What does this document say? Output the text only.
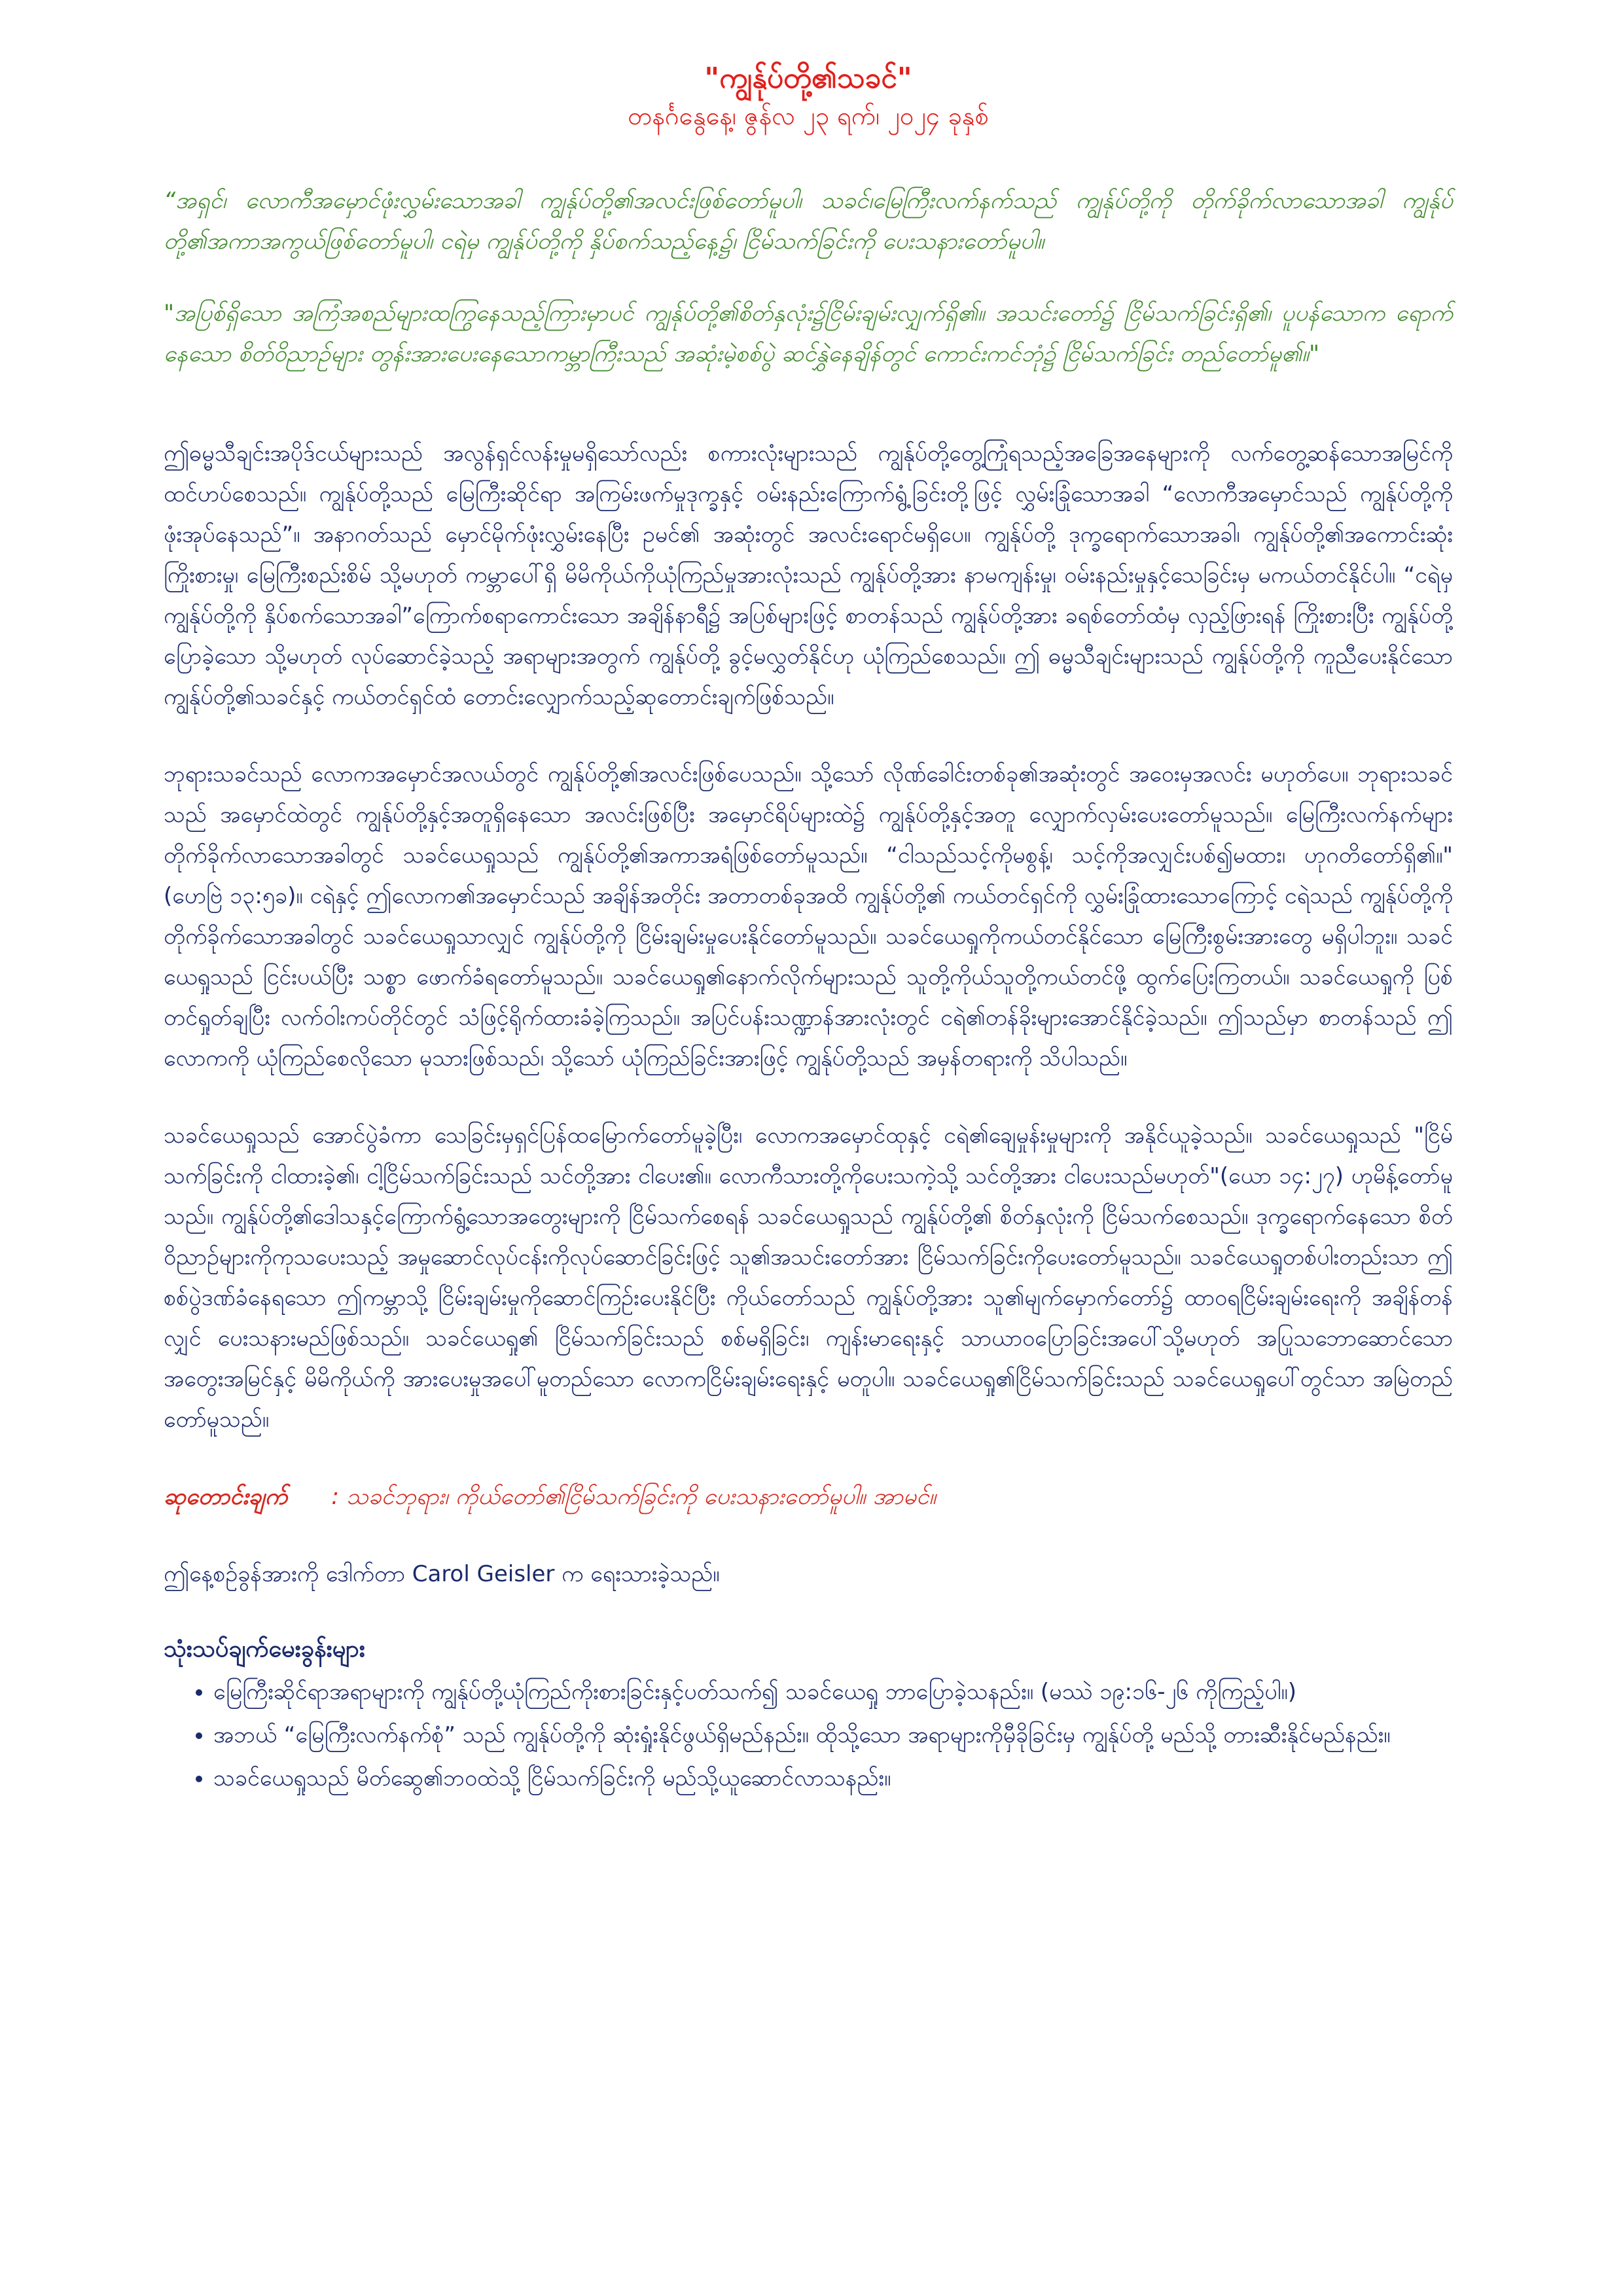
"ကျွန်ုပ်တို့၏သခင်"

တနင်္ဂနွေနေ့၊ ဇွန်လ ၂၃ ရက်၊ ၂၀၂၄ ခုနှစ်

“အရှင်၊ လောကီအမှောင်ဖုံးလွှမ်းသောအခါ ကျွန်ုပ်တို့၏အလင်းဖြစ်တော်မူပါ၊ သခင်၊မြေကြီးလက်နက်သည် ကျွန်ုပ်တို့ကို တိုက်ခိုက်လာသောအခါ ကျွန်ုပ်တို့၏အကာအကွယ်ဖြစ်တော်မူပါ၊ ငရဲမှ ကျွန်ုပ်တို့ကို နှိပ်စက်သည့်နေ့၌၊ ငြိမ်သက်ခြင်းကို ပေးသနားတော်မူပါ။

"အပြစ်ရှိသော အကြံအစည်များထကြွနေသည့်ကြားမှာပင် ကျွန်ုပ်တို့၏စိတ်နှလုံး၌ငြိမ်းချမ်းလျှက်ရှိ၏။ အသင်းတော်၌ ငြိမ်သက်ခြင်းရှိ၏၊ ပူပန်သောက ရောက်နေသော စိတ်ဝိညာဉ်များ တွန်းအားပေးနေသောကမ္ဘာကြီးသည် အဆုံးမဲ့စစ်ပွဲ ဆင်နွှဲနေချိန်တွင် ကောင်းကင်ဘုံ၌ ငြိမ်သက်ခြင်း တည်တော်မူ၏။"

ဤဓမ္မသီချင်းအပိုဒ်ငယ်များသည် အလွန်ရှင်လန်းမှုမရှိသော်လည်း စကားလုံးများသည် ကျွန်ုပ်တို့တွေ့ကြုံရသည့်အခြေအနေများကို လက်တွေ့ဆန်သောအမြင်ကို ထင်ဟပ်စေသည်။ ကျွန်ုပ်တို့သည် မြေကြီးဆိုင်ရာ အကြမ်းဖက်မှုဒုက္ခနှင့် ဝမ်းနည်းကြောက်ရွံ့ခြင်းတို့ဖြင့် လွှမ်းခြုံသောအခါ “လောကီအမှောင်သည် ကျွန်ုပ်တို့ကို ဖုံးအုပ်နေသည်”။ အနာဂတ်သည် မှောင်မိုက်ဖုံးလွှမ်းနေပြီး ဥမင်၏ အဆုံးတွင် အလင်းရောင်မရှိပေ။ ကျွန်ုပ်တို့ ဒုက္ခရောက်သောအခါ၊ ကျွန်ုပ်တို့၏အကောင်းဆုံးကြိုးစားမှု၊ မြေကြီးစည်းစိမ် သို့မဟုတ် ကမ္ဘာပေါ်ရှိ မိမိကိုယ်ကိုယုံကြည်မှုအားလုံးသည် ကျွန်ုပ်တို့အား နာမကျန်းမှု၊ ဝမ်းနည်းမှုနှင့်သေခြင်းမှ မကယ်တင်နိုင်ပါ။ “ငရဲမှကျွန်ုပ်တို့ကို နှိပ်စက်သောအခါ”ကြောက်စရာကောင်းသော အချိန်နာရီ၌ အပြစ်များဖြင့် စာတန်သည် ကျွန်ုပ်တို့အား ခရစ်တော်ထံမှ လှည့်ဖြားရန် ကြိုးစားပြီး ကျွန်ုပ်တို့ပြောခဲ့သော သို့မဟုတ် လုပ်ဆောင်ခဲ့သည့် အရာများအတွက် ကျွန်ုပ်တို့ ခွင့်မလွှတ်နိုင်ဟု ယုံကြည်စေသည်။ ဤ ဓမ္မသီချင်းများသည် ကျွန်ုပ်တို့ကို ကူညီပေးနိုင်သောကျွန်ုပ်တို့၏သခင်နှင့် ကယ်တင်ရှင်ထံ တောင်းလျှောက်သည့်ဆုတောင်းချက်ဖြစ်သည်။

ဘုရားသခင်သည် လောကအမှောင်အလယ်တွင် ကျွန်ုပ်တို့၏အလင်းဖြစ်ပေသည်။ သို့သော် လိုဏ်ခေါင်းတစ်ခု၏အဆုံးတွင် အဝေးမှအလင်း မဟုတ်ပေ။ ဘုရားသခင်သည် အမှောင်ထဲတွင် ကျွန်ုပ်တို့နှင့်အတူရှိနေသော အလင်းဖြစ်ပြီး အမှောင်ရိပ်များထဲ၌ ကျွန်ုပ်တို့နှင့်အတူ လျှောက်လှမ်းပေးတော်မူသည်။ မြေကြီးလက်နက်များတိုက်ခိုက်လာသောအခါတွင် သခင်ယေရှုသည် ကျွန်ုပ်တို့၏အကာအရံဖြစ်တော်မူသည်။ “ငါသည်သင့်ကိုမစွန့်၊ သင့်ကိုအလျှင်းပစ်၍မထား၊ ဟုဂတိတော်ရှိ၏။" (ဟေဗြဲ ၁၃:၅ခ)။ ငရဲနှင့် ဤလောက၏အမှောင်သည် အချိန်အတိုင်း အတာတစ်ခုအထိ ကျွန်ုပ်တို့၏ ကယ်တင်ရှင်ကို လွှမ်းခြုံထားသောကြောင့် ငရဲသည် ကျွန်ုပ်တို့ကို တိုက်ခိုက်သောအခါတွင် သခင်ယေရှုသာလျှင် ကျွန်ုပ်တို့ကို ငြိမ်းချမ်းမှုပေးနိုင်တော်မူသည်။ သခင်ယေရှုကိုကယ်တင်နိုင်သော မြေကြီးစွမ်းအားတွေ မရှိပါဘူး။ သခင်ယေရှုသည် ငြင်းပယ်ပြီး သစ္စာ ဖောက်ခံရတော်မူသည်။ သခင်ယေရှု၏နောက်လိုက်များသည် သူတို့ကိုယ်သူတို့ကယ်တင်ဖို့ ထွက်ပြေးကြတယ်။ သခင်ယေရှုကို ပြစ်တင်ရှုတ်ချပြီး လက်ဝါးကပ်တိုင်တွင် သံဖြင့်ရိုက်ထားခံခဲ့ကြသည်။ အပြင်ပန်းသဏ္ဍာန်အားလုံးတွင် ငရဲ၏တန်ခိုးများအောင်နိုင်ခဲ့သည်။ ဤသည်မှာ စာတန်သည် ဤလောကကို ယုံကြည်စေလိုသော မုသားဖြစ်သည်၊ သို့သော် ယုံကြည်ခြင်းအားဖြင့် ကျွန်ုပ်တို့သည် အမှန်တရားကို သိပါသည်။

သခင်ယေရှုသည် အောင်ပွဲခံကာ သေခြင်းမှရှင်ပြန်ထမြောက်တော်မူခဲ့ပြီး၊ လောကအမှောင်ထုနှင့် ငရဲ၏ချေမှုန်းမှုများကို အနိုင်ယူခဲ့သည်။ သခင်ယေရှုသည် "ငြိမ်သက်ခြင်းကို ငါထားခဲ့၏၊ ငါ့ငြိမ်သက်ခြင်းသည် သင်တို့အား ငါပေး၏။ လောကီသားတို့ကိုပေးသကဲ့သို့ သင်တို့အား ငါပေးသည်မဟုတ်"(ယော ၁၄:၂၇) ဟုမိန့်တော်မူသည်။ ကျွန်ုပ်တို့၏ဒေါသနှင့်ကြောက်ရွံ့သောအတွေးများကို ငြိမ်သက်စေရန် သခင်ယေရှုသည် ကျွန်ုပ်တို့၏ စိတ်နှလုံးကို ငြိမ်သက်စေသည်။ ဒုက္ခရောက်နေသော စိတ်ဝိညာဉ်များကိုကုသပေးသည့် အမှုဆောင်လုပ်ငန်းကိုလုပ်ဆောင်ခြင်းဖြင့် သူ၏အသင်းတော်အား ငြိမ်သက်ခြင်းကိုပေးတော်မူသည်။ သခင်ယေရှုတစ်ပါးတည်းသာ ဤစစ်ပွဲဒဏ်ခံနေရသော ဤကမ္ဘာသို့ ငြိမ်းချမ်းမှုကိုဆောင်ကြဉ်းပေးနိုင်ပြီး ကိုယ်တော်သည် ကျွန်ုပ်တို့အား သူ၏မျက်မှောက်တော်၌ ထာဝရငြိမ်းချမ်းရေးကို အချိန်တန်လျှင် ပေးသနားမည်ဖြစ်သည်။ သခင်ယေရှု၏ ငြိမ်သက်ခြင်းသည် စစ်မရှိခြင်း၊ ကျန်းမာရေးနှင့် သာယာဝပြောခြင်းအပေါ်သို့မဟုတ် အပြုသဘောဆောင်သော အတွေးအမြင်နှင့် မိမိကိုယ်ကို အားပေးမှုအပေါ်မူတည်သော လောကငြိမ်းချမ်းရေးနှင့် မတူပါ။ သခင်ယေရှု၏ငြိမ်သက်ခြင်းသည် သခင်ယေရှုပေါ်တွင်သာ အမြဲတည်တော်မူသည်။

ဆုတောင်းချက် : သခင်ဘုရား၊ ကိုယ်တော်၏ငြိမ်သက်ခြင်းကို ပေးသနားတော်မူပါ။ အာမင်။

ဤနေ့စဉ်ခွန်အားကို ဒေါက်တာ Carol Geisler က ရေးသားခဲ့သည်။

သုံးသပ်ချက်မေးခွန်းများ
• မြေကြီးဆိုင်ရာအရာများကို ကျွန်ုပ်တို့ယုံကြည်ကိုးစားခြင်းနှင့်ပတ်သက်၍ သခင်ယေရှု ဘာပြောခဲ့သနည်း။ (မဿဲ ၁၉:၁၆-၂၆ ကိုကြည့်ပါ။)
• အဘယ် “မြေကြီးလက်နက်စုံ” သည် ကျွန်ုပ်တို့ကို ဆုံးရှုံးနိုင်ဖွယ်ရှိမည်နည်း။ ထိုသို့သော အရာများကိုမှီခိုခြင်းမှ ကျွန်ုပ်တို့ မည်သို့ တားဆီးနိုင်မည်နည်း။
• သခင်ယေရှုသည် မိတ်ဆွေ၏ဘဝထဲသို့ ငြိမ်သက်ခြင်းကို မည်သို့ယူဆောင်လာသနည်း။
